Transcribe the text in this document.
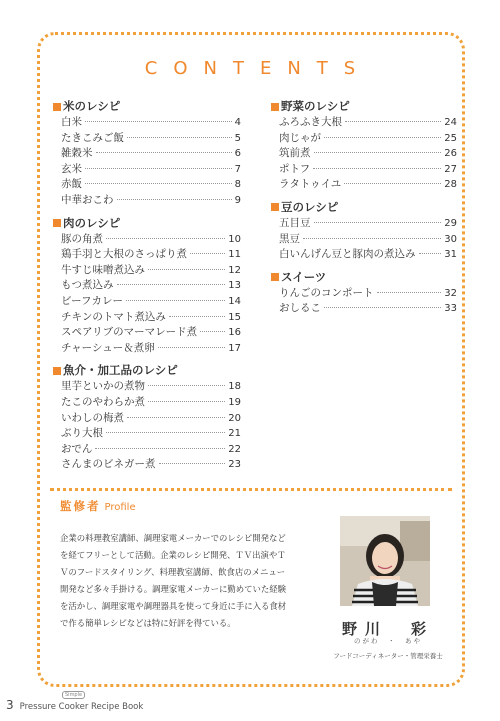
CONTENTS
米のレシピ
白米	4
たきこみご飯	5
雑穀米	6
玄米	7
赤飯	8
中華おこわ	9
肉のレシピ
豚の角煮	10
鶏手羽と大根のさっぱり煮	11
牛すじ味噌煮込み	12
もつ煮込み	13
ビーフカレー	14
チキンのトマト煮込み	15
スペアリブのマーマレード煮	16
チャーシュー＆煮卵	17
魚介・加工品のレシピ
里芋といかの煮物	18
たこのやわらか煮	19
いわしの梅煮	20
ぶり大根	21
おでん	22
さんまのビネガー煮	23
野菜のレシピ
ふろふき大根	24
肉じゃが	25
筑前煮	26
ポトフ	27
ラタトゥイユ	28
豆のレシピ
五目豆	29
黒豆	30
白いんげん豆と豚肉の煮込み	31
スイーツ
りんごのコンポート	32
おしるこ	33
監修者 Profile
企業の料理教室講師、調理家電メーカーでのレシピ開発など
を経てフリーとして活動。企業のレシピ開発、ＴＶ出演やＴ
Ｖのフードスタイリング、料理教室講師、飲食店のメニュー
開発など多々手掛ける。調理家電メーカーに勤めていた経験
を活かし、調理家電や調理器具を使って身近に手に入る食材
で作る簡単レシピなどは特に好評を得ている。	野川　彩
のがわ　・　あや
フードコーディネーター・管理栄養士
3
Simple
Pressure Cooker Recipe Book
